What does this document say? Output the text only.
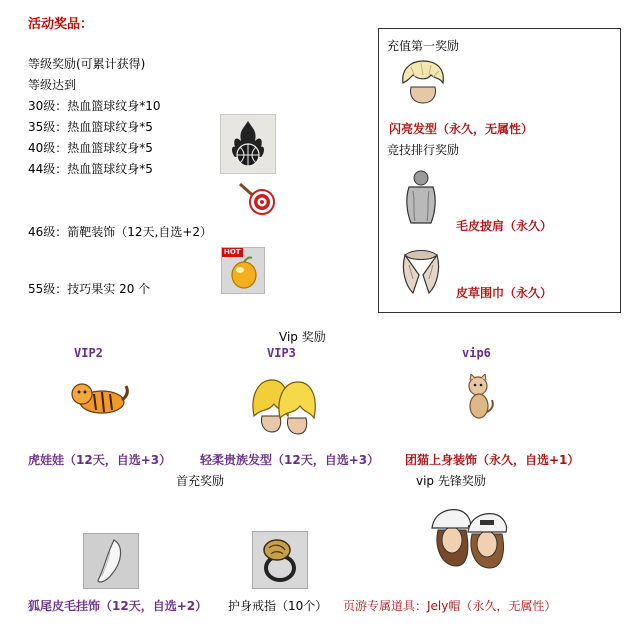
活动奖品：
等级奖励(可累计获得)
等级达到
30级：热血篮球纹身*10
35级：热血篮球纹身*5
40级：热血篮球纹身*5
44级：热血篮球纹身*5
46级：箭靶装饰（12天,自选+2）
55级：技巧果实 20 个
HOT
充值第一奖励
闪亮发型（永久，无属性）
竞技排行奖励
毛皮披肩（永久）
皮草围巾（永久）
Vip 奖励
VIP2	VIP3	vip6
虎娃娃（12天，自选+3） 轻柔贵族发型（12天，自选+3） 团猫上身装饰（永久，自选+1）
首充奖励	vip 先锋奖励
狐尾皮毛挂饰（12天，自选+2） 护身戒指（10个） 页游专属道具：Jely帽（永久，无属性）
